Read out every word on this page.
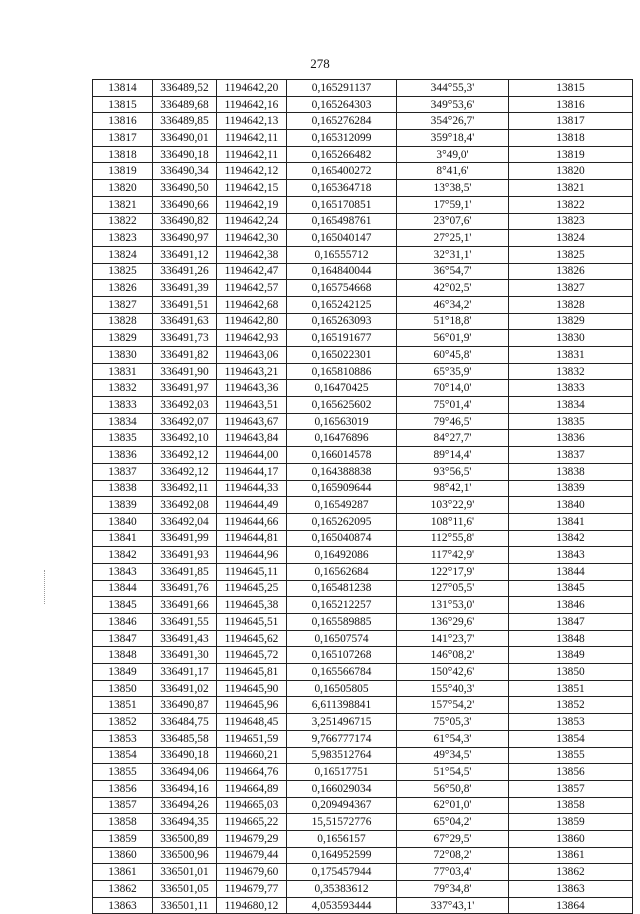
278
13814	336489,52	1194642,20	0,165291137	344°55,3'	13815
13815	336489,68	1194642,16	0,165264303	349°53,6'	13816
13816	336489,85	1194642,13	0,165276284	354°26,7'	13817
13817	336490,01	1194642,11	0,165312099	359°18,4'	13818
13818	336490,18	1194642,11	0,165266482	3°49,0'	13819
13819	336490,34	1194642,12	0,165400272	8°41,6'	13820
13820	336490,50	1194642,15	0,165364718	13°38,5'	13821
13821	336490,66	1194642,19	0,165170851	17°59,1'	13822
13822	336490,82	1194642,24	0,165498761	23°07,6'	13823
13823	336490,97	1194642,30	0,165040147	27°25,1'	13824
13824	336491,12	1194642,38	0,16555712	32°31,1'	13825
13825	336491,26	1194642,47	0,164840044	36°54,7'	13826
13826	336491,39	1194642,57	0,165754668	42°02,5'	13827
13827	336491,51	1194642,68	0,165242125	46°34,2'	13828
13828	336491,63	1194642,80	0,165263093	51°18,8'	13829
13829	336491,73	1194642,93	0,165191677	56°01,9'	13830
13830	336491,82	1194643,06	0,165022301	60°45,8'	13831
13831	336491,90	1194643,21	0,165810886	65°35,9'	13832
13832	336491,97	1194643,36	0,16470425	70°14,0'	13833
13833	336492,03	1194643,51	0,165625602	75°01,4'	13834
13834	336492,07	1194643,67	0,16563019	79°46,5'	13835
13835	336492,10	1194643,84	0,16476896	84°27,7'	13836
13836	336492,12	1194644,00	0,166014578	89°14,4'	13837
13837	336492,12	1194644,17	0,164388838	93°56,5'	13838
13838	336492,11	1194644,33	0,165909644	98°42,1'	13839
13839	336492,08	1194644,49	0,16549287	103°22,9'	13840
13840	336492,04	1194644,66	0,165262095	108°11,6'	13841
13841	336491,99	1194644,81	0,165040874	112°55,8'	13842
13842	336491,93	1194644,96	0,16492086	117°42,9'	13843
13843	336491,85	1194645,11	0,16562684	122°17,9'	13844
13844	336491,76	1194645,25	0,165481238	127°05,5'	13845
13845	336491,66	1194645,38	0,165212257	131°53,0'	13846
13846	336491,55	1194645,51	0,165589885	136°29,6'	13847
13847	336491,43	1194645,62	0,16507574	141°23,7'	13848
13848	336491,30	1194645,72	0,165107268	146°08,2'	13849
13849	336491,17	1194645,81	0,165566784	150°42,6'	13850
13850	336491,02	1194645,90	0,16505805	155°40,3'	13851
13851	336490,87	1194645,96	6,611398841	157°54,2'	13852
13852	336484,75	1194648,45	3,251496715	75°05,3'	13853
13853	336485,58	1194651,59	9,766777174	61°54,3'	13854
13854	336490,18	1194660,21	5,983512764	49°34,5'	13855
13855	336494,06	1194664,76	0,16517751	51°54,5'	13856
13856	336494,16	1194664,89	0,166029034	56°50,8'	13857
13857	336494,26	1194665,03	0,209494367	62°01,0'	13858
13858	336494,35	1194665,22	15,51572776	65°04,2'	13859
13859	336500,89	1194679,29	0,1656157	67°29,5'	13860
13860	336500,96	1194679,44	0,164952599	72°08,2'	13861
13861	336501,01	1194679,60	0,175457944	77°03,4'	13862
13862	336501,05	1194679,77	0,35383612	79°34,8'	13863
13863	336501,11	1194680,12	4,053593444	337°43,1'	13864
